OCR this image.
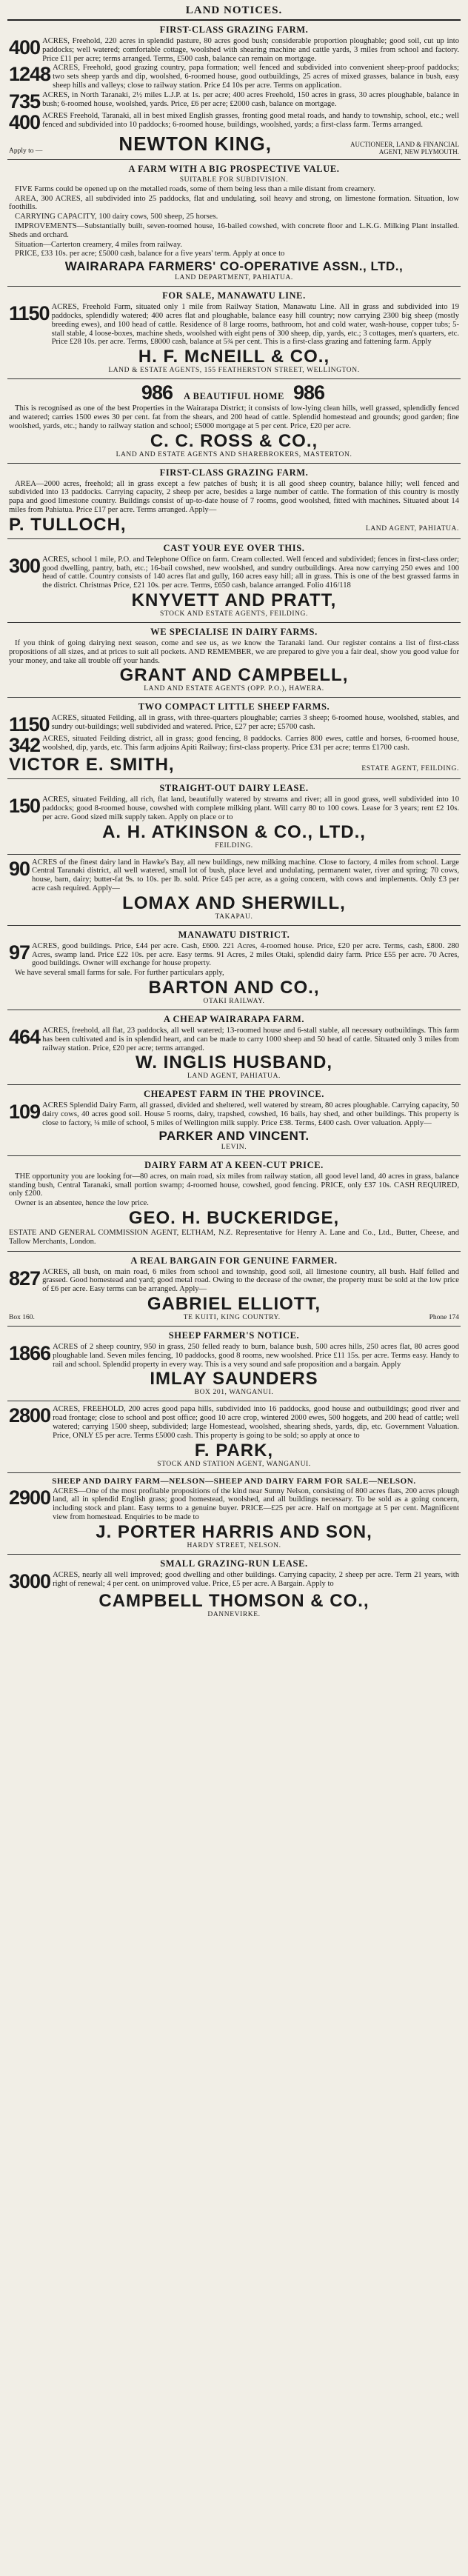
LAND NOTICES.
FIRST-CLASS GRAZING FARM.
400 ACRES, Freehold, 220 acres in splendid pasture, 80 acres good bush; considerable proportion ploughable; good soil, cut up into paddocks; well watered; comfortable cottage, woolshed with shearing machine and cattle yards, 3 miles from school and factory. Price £11 per acre; terms arranged. Terms, £500 cash, balance can remain on mortgage.
1248 ACRES, Freehold, good grazing country, papa formation; well fenced and subdivided into convenient sheep-proof paddocks; two sets sheep yards and dip, woolshed, 6-roomed house, good outbuildings, 25 acres of mixed grasses, balance in bush, easy sheep hills and valleys; close to railway station. Price £4 10s per acre. Terms on application.
735 ACRES, in North Taranaki, 2½ miles L.J.P. at 1s. per acre; 400 acres Freehold, 150 acres in grass, 30 acres ploughable, balance in bush; 6-roomed house, woolshed, yards. Price, £6 per acre; £2000 cash, balance on mortgage.
400 ACRES Freehold, Taranaki, all in best mixed English grasses, fronting good metal roads, and handy to township, school, etc.; well fenced and subdivided into 10 paddocks; 6-roomed house, buildings, woolshed, yards; a first-class farm. Terms arranged.
Apply to —	NEWTON KING,	AUCTIONEER, LAND & FINANCIAL AGENT, NEW PLYMOUTH.
A FARM WITH A BIG PROSPECTIVE VALUE.
SUITABLE FOR SUBDIVISION.

FIVE Farms could be opened up on the metalled roads, some of them being less than a mile distant from creamery.

AREA, 300 ACRES, all subdivided into 25 paddocks, flat and undulating, soil heavy and strong, on limestone formation. Situation, low foothills.

CARRYING CAPACITY, 100 dairy cows, 500 sheep, 25 horses.

IMPROVEMENTS—Substantially built, seven-roomed house, 16-bailed cowshed, with concrete floor and L.K.G. Milking Plant installed. Sheds and orchard.

Situation—Carterton creamery, 4 miles from railway.

PRICE, £33 10s. per acre; £5000 cash, balance for a five years' term. Apply at once to

WAIRARAPA FARMERS' CO-OPERATIVE ASSN., LTD.,
LAND DEPARTMENT, PAHIATUA.
FOR SALE, MANAWATU LINE.
1150 ACRES, Freehold Farm, situated only 1 mile from Railway Station, Manawatu Line. All in grass and subdivided into 19 paddocks, splendidly watered; 400 acres flat and ploughable, balance easy hill country; now carrying 2300 big sheep (mostly breeding ewes), and 100 head of cattle. Residence of 8 large rooms, bathroom, hot and cold water, wash-house, copper tubs; 5-stall stable, 4 loose-boxes, machine sheds, woolshed with eight pens of 300 sheep, dip, yards, etc.; 3 cottages, men's quarters, etc. Price £28 10s. per acre. Terms, £8000 cash, balance at 5¾ per cent. This is a first-class grazing and fattening farm. Apply
H. F. McNEILL & CO.,
LAND & ESTATE AGENTS, 155 FEATHERSTON STREET, WELLINGTON.
986 A BEAUTIFUL HOME 986

This is recognised as one of the best Properties in the Wairarapa District; it consists of low-lying clean hills, well grassed, splendidly fenced and watered; carries 1500 ewes 30 per cent. fat from the shears, and 200 head of cattle. Splendid homestead and grounds; good garden; fine woolshed, yards, etc.; handy to railway station and school; £5000 mortgage at 5 per cent. Price, £20 per acre.

C. C. ROSS & CO.,
LAND AND ESTATE AGENTS AND SHAREBROKERS, MASTERTON.
FIRST-CLASS GRAZING FARM.

AREA—2000 acres, freehold; all in grass except a few patches of bush; it is all good sheep country, balance hilly; well fenced and subdivided into 13 paddocks. Carrying capacity, 2 sheep per acre, besides a large number of cattle. The formation of this country is mostly papa and good limestone country. Buildings consist of up-to-date house of 7 rooms, good woolshed, fitted with machines. Situated about 14 miles from Pahiatua. Price £17 per acre. Terms arranged. Apply—

P. TULLOCH,	LAND AGENT, PAHIATUA.
CAST YOUR EYE OVER THIS.
300 ACRES, school 1 mile, P.O. and Telephone Office on farm. Cream collected. Well fenced and subdivided; fences in first-class order; good dwelling, pantry, bath, etc.; 16-bail cowshed, new woolshed, and sundry outbuildings. Area now carrying 250 ewes and 100 head of cattle. Country consists of 140 acres flat and gully, 160 acres easy hill; all in grass. This is one of the best grassed farms in the district. Christmas Price, £21 10s. per acre. Terms, £650 cash, balance arranged. Folio 416/118
KNYVETT AND PRATT,
STOCK AND ESTATE AGENTS, FEILDING.
WE SPECIALISE IN DAIRY FARMS.

If you think of going dairying next season, come and see us, as we know the Taranaki land. Our register contains a list of first-class propositions of all sizes, and at prices to suit all pockets. AND REMEMBER, we are prepared to give you a fair deal, show you good value for your money, and take all trouble off your hands.

GRANT AND CAMPBELL,
LAND AND ESTATE AGENTS (OPP. P.O.), HAWERA.
TWO COMPACT LITTLE SHEEP FARMS.
1150 ACRES, situated Feilding, all in grass, with three-quarters ploughable; carries 3 sheep; 6-roomed house, woolshed, stables, and sundry out-buildings; well subdivided and watered. Price, £27 per acre; £5700 cash.
342 ACRES, situated Feilding district, all in grass; good fencing, 8 paddocks. Carries 800 ewes, cattle and horses, 6-roomed house, woolshed, dip, yards, etc. This farm adjoins Apiti Railway; first-class property. Price £31 per acre; terms £1700 cash.
VICTOR E. SMITH,	ESTATE AGENT, FEILDING.
STRAIGHT-OUT DAIRY LEASE.
150 ACRES, situated Feilding, all rich, flat land, beautifully watered by streams and river; all in good grass, well subdivided into 10 paddocks; good 8-roomed house, cowshed with complete milking plant. Will carry 80 to 100 cows. Lease for 3 years; rent £2 10s. per acre. Good sized milk supply taken. Apply on place or to
A. H. ATKINSON & CO., LTD.,
FEILDING.
90 ACRES of the finest dairy land in Hawke's Bay, all new buildings, new milking machine. Close to factory, 4 miles from school. Large Central Taranaki district, all well watered, small lot of bush, place level and undulating, permanent water, river and spring; 70 cows, house, barn, dairy; butter-fat 9s. to 10s. per lb. sold. Price £45 per acre, as a going concern, with cows and implements. Only £3 per acre cash required. Apply—
LOMAX AND SHERWILL,
TAKAPAU.
MANAWATU DISTRICT.
97 ACRES, good buildings. Price, £44 per acre. Cash, £600. 221 Acres, 4-roomed house. Price, £20 per acre. Terms, cash, £800. 280 Acres, swamp land. Price £22 10s. per acre. Easy terms. 91 Acres, 2 miles Otaki, splendid dairy farm. Price £55 per acre. 70 Acres, good buildings. Owner will exchange for house property.

We have several small farms for sale. For further particulars apply,

BARTON AND CO.,
OTAKI RAILWAY.
A CHEAP WAIRARAPA FARM.
464 ACRES, freehold, all flat, 23 paddocks, all well watered; 13-roomed house and 6-stall stable, all necessary outbuildings. This farm has been cultivated and is in splendid heart, and can be made to carry 1000 sheep and 50 head of cattle. Situated only 3 miles from railway station. Price, £20 per acre; terms arranged.
W. INGLIS HUSBAND,
LAND AGENT, PAHIATUA.
CHEAPEST FARM IN THE PROVINCE.
109 ACRES Splendid Dairy Farm, all grassed, divided and sheltered, well watered by stream, 80 acres ploughable. Carrying capacity, 50 dairy cows, 40 acres good soil. House 5 rooms, dairy, trapshed, cowshed, 16 bails, hay shed, and other buildings. This property is close to factory, ¼ mile of school, 5 miles of Wellington milk supply. Price £38. Terms, £400 cash. Over valuation. Apply—
PARKER AND VINCENT.
LEVIN.
DAIRY FARM AT A KEEN-CUT PRICE.

THE opportunity you are looking for—80 acres, on main road, six miles from railway station, all good level land, 40 acres in grass, balance standing bush, Central Taranaki, small portion swamp; 4-roomed house, cowshed, good fencing. PRICE, only £37 10s. CASH REQUIRED, only £200.

Owner is an absentee, hence the low price.

GEO. H. BUCKERIDGE,

ESTATE AND GENERAL COMMISSION AGENT, ELTHAM, N.Z. Representative for Henry A. Lane and Co., Ltd., Butter, Cheese, and Tallow Merchants, London.

A REAL BARGAIN FOR GENUINE FARMER.
827 ACRES, all bush, on main road, 6 miles from school and township, good soil, all limestone country, all bush. Half felled and grassed. Good homestead and yard; good metal road. Owing to the decease of the owner, the property must be sold at the low price of £6 per acre. Easy terms can be arranged. Apply—
GABRIEL ELLIOTT,
Box 160.	TE KUITI, KING COUNTRY.	Phone 174
SHEEP FARMER'S NOTICE.
1866 ACRES of 2 sheep country, 950 in grass, 250 felled ready to burn, balance bush, 500 acres hills, 250 acres flat, 80 acres good ploughable land. Seven miles fencing, 10 paddocks, good 8 rooms, new woolshed. Price £11 15s. per acre. Terms easy. Handy to rail and school. Splendid property in every way. This is a very sound and safe proposition and a bargain. Apply
IMLAY SAUNDERS
BOX 201, WANGANUI.
2800 ACRES, FREEHOLD, 200 acres good papa hills, subdivided into 16 paddocks, good house and outbuildings; good river and road frontage; close to school and post office; good 10 acre crop, wintered 2000 ewes, 500 hoggets, and 200 head of cattle; well watered; carrying 1500 sheep, subdivided; large Homestead, woolshed, shearing sheds, yards, dip, etc. Government Valuation. Price, ONLY £5 per acre. Terms £5000 cash. This property is going to be sold; so apply at once to
F. PARK,
STOCK AND STATION AGENT, WANGANUI.
SHEEP AND DAIRY FARM—NELSON—SHEEP AND DAIRY FARM FOR SALE—NELSON.
2900 ACRES—One of the most profitable propositions of the kind near Sunny Nelson, consisting of 800 acres flats, 200 acres plough land, all in splendid English grass; good homestead, woolshed, and all buildings necessary. To be sold as a going concern, including stock and plant. Easy terms to a genuine buyer. PRICE—£25 per acre. Half on mortgage at 5 per cent. Magnificent view from homestead. Enquiries to be made to
J. PORTER HARRIS AND SON,
HARDY STREET, NELSON.
SMALL GRAZING-RUN LEASE.
3000 ACRES, nearly all well improved; good dwelling and other buildings. Carrying capacity, 2 sheep per acre. Term 21 years, with right of renewal; 4 per cent. on unimproved value. Price, £5 per acre. A Bargain. Apply to
CAMPBELL THOMSON & CO.,
DANNEVIRKE.
